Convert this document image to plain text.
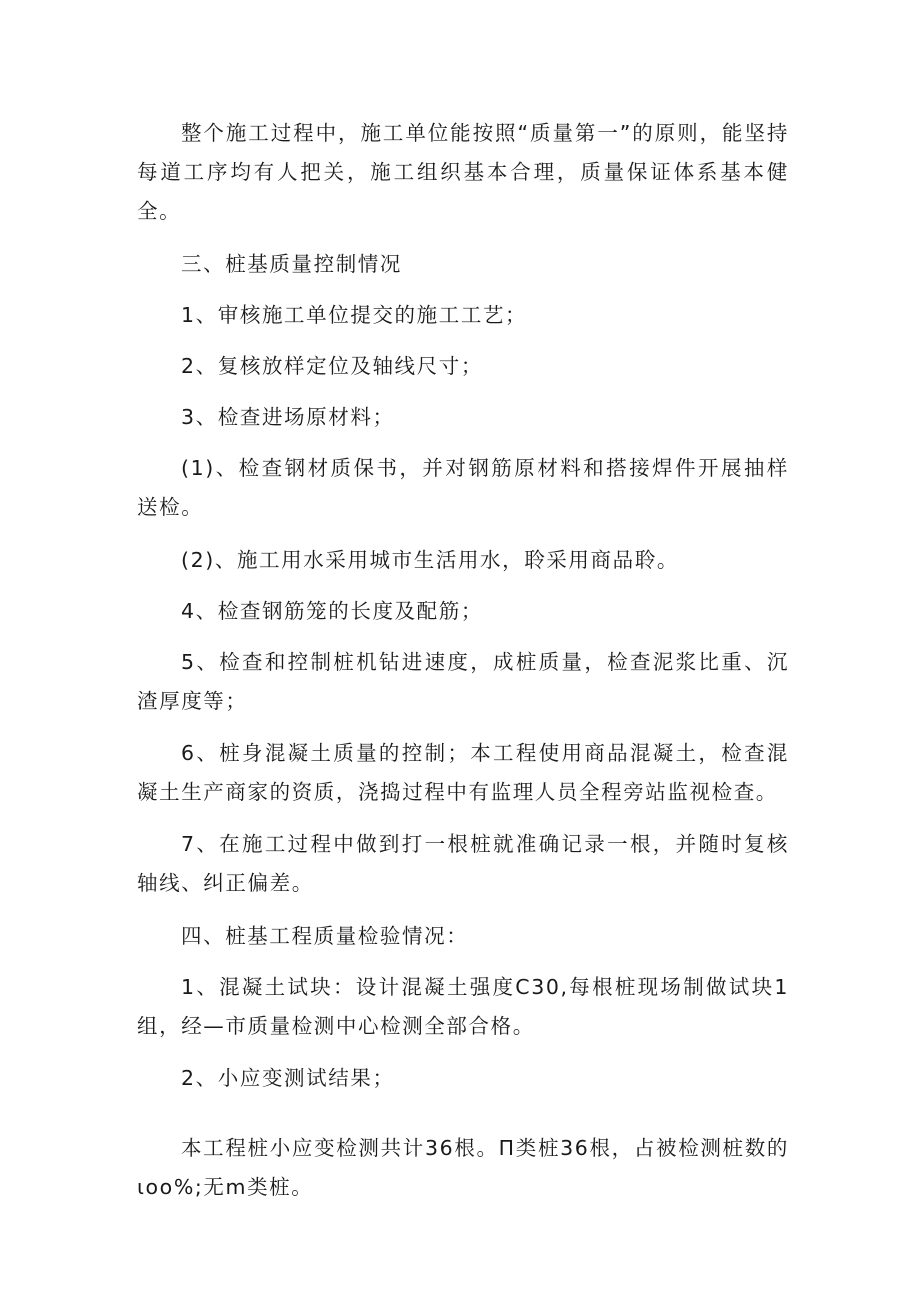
整个施工过程中，施工单位能按照“质量第一”的原则，能坚持每道工序均有人把关，施工组织基本合理，质量保证体系基本健全。

三、桩基质量控制情况

1、审核施工单位提交的施工工艺；

2、复核放样定位及轴线尺寸；

3、检查进场原材料；

(1)、检查钢材质保书，并对钢筋原材料和搭接焊件开展抽样送检。

(2)、施工用水采用城市生活用水，聆采用商品聆。

4、检查钢筋笼的长度及配筋；

5、检查和控制桩机钻进速度，成桩质量，检查泥浆比重、沉渣厚度等；

6、桩身混凝土质量的控制；本工程使用商品混凝土，检查混凝土生产商家的资质，浇捣过程中有监理人员全程旁站监视检查。

7、在施工过程中做到打一根桩就准确记录一根，并随时复核轴线、纠正偏差。

四、桩基工程质量检验情况：

1、混凝土试块：设计混凝土强度C30,每根桩现场制做试块1组，经—市质量检测中心检测全部合格。

2、小应变测试结果；

本工程桩小应变检测共计36根。Π类桩36根，占被检测桩数的ιoo%;无m类桩。
